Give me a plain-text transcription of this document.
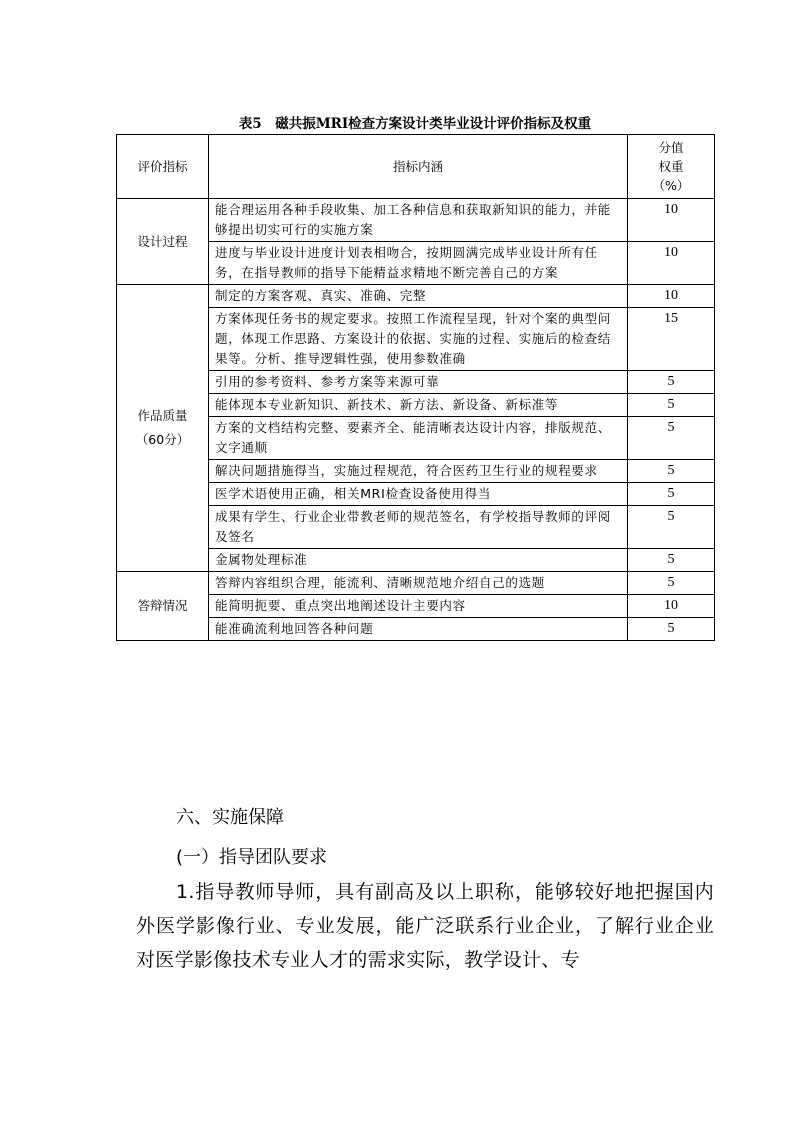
表5　磁共振MRI检查方案设计类毕业设计评价指标及权重
评价指标	指标内涵	分值
权重
（%）
设计过程	能合理运用各种手段收集、加工各种信息和获取新知识的能力，并能够提出切实可行的实施方案	10
	进度与毕业设计进度计划表相吻合，按期圆满完成毕业设计所有任务，在指导教师的指导下能精益求精地不断完善自己的方案	10
作品质量
（60分）	制定的方案客观、真实、准确、完整	10
	方案体现任务书的规定要求。按照工作流程呈现，针对个案的典型问题，体现工作思路、方案设计的依据、实施的过程、实施后的检查结果等。分析、推导逻辑性强，使用参数准确	15
	引用的参考资料、参考方案等来源可靠	5
	能体现本专业新知识、新技术、新方法、新设备、新标准等	5
	方案的文档结构完整、要素齐全、能清晰表达设计内容，排版规范、文字通顺	5
	解决问题措施得当，实施过程规范，符合医药卫生行业的规程要求	5
	医学术语使用正确，相关MRI检查设备使用得当	5
	成果有学生、行业企业带教老师的规范签名，有学校指导教师的评阅及签名	5
	金属物处理标准	5
答辩情况	答辩内容组织合理，能流利、清晰规范地介绍自己的选题	5
	能简明扼要、重点突出地阐述设计主要内容	10
	能准确流利地回答各种问题	5
六、实施保障
(一）指导团队要求

1.指导教师导师，具有副高及以上职称，能够较好地把握国内外医学影像行业、专业发展，能广泛联系行业企业，了解行业企业对医学影像技术专业人才的需求实际，教学设计、专
